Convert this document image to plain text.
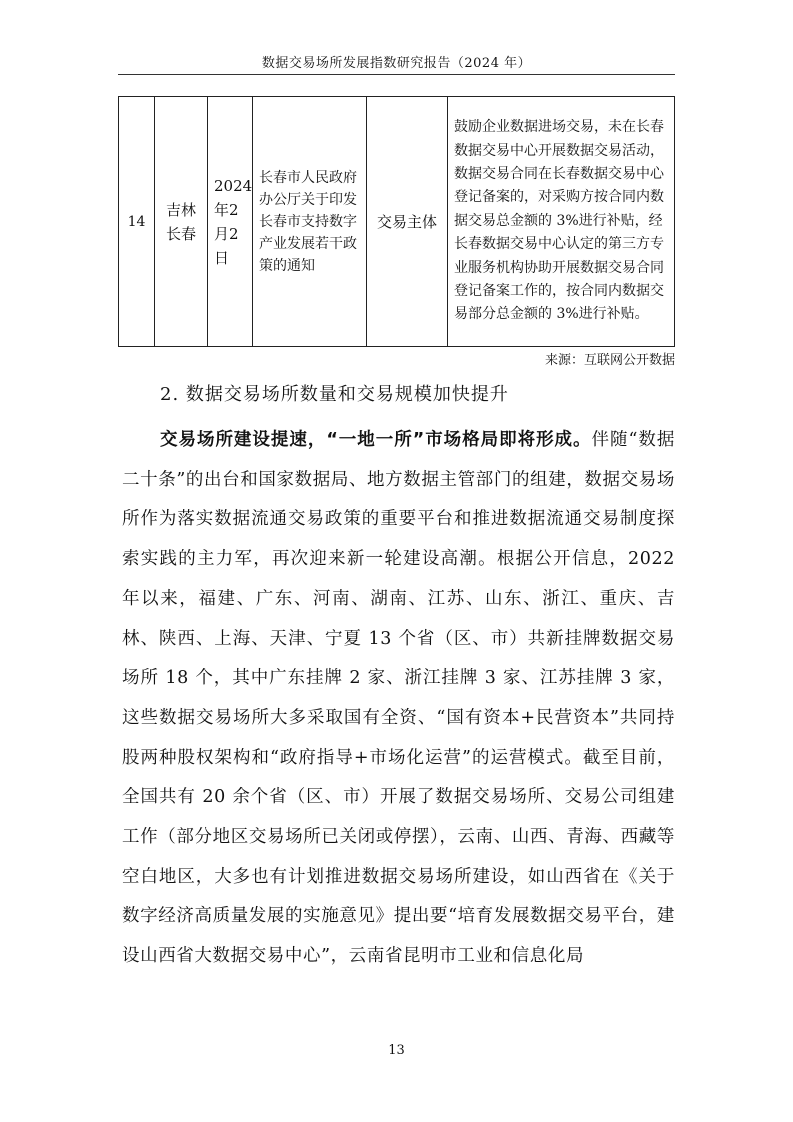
数据交易场所发展指数研究报告（2024 年）
14	吉林长春	2024年2月2日	长春市人民政府办公厅关于印发长春市支持数字产业发展若干政策的通知	交易主体	鼓励企业数据进场交易，未在长春数据交易中心开展数据交易活动，数据交易合同在长春数据交易中心登记备案的，对采购方按合同内数据交易总金额的 3%进行补贴，经长春数据交易中心认定的第三方专业服务机构协助开展数据交易合同登记备案工作的，按合同内数据交易部分总金额的 3%进行补贴。
来源：互联网公开数据
2. 数据交易场所数量和交易规模加快提升

交易场所建设提速，“一地一所”市场格局即将形成。伴随“数据二十条”的出台和国家数据局、地方数据主管部门的组建，数据交易场所作为落实数据流通交易政策的重要平台和推进数据流通交易制度探索实践的主力军，再次迎来新一轮建设高潮。根据公开信息，2022 年以来，福建、广东、河南、湖南、江苏、山东、浙江、重庆、吉林、陕西、上海、天津、宁夏 13 个省（区、市）共新挂牌数据交易场所 18 个，其中广东挂牌 2 家、浙江挂牌 3 家、江苏挂牌 3 家，这些数据交易场所大多采取国有全资、“国有资本+民营资本”共同持股两种股权架构和“政府指导+市场化运营”的运营模式。截至目前，全国共有 20 余个省（区、市）开展了数据交易场所、交易公司组建工作（部分地区交易场所已关闭或停摆），云南、山西、青海、西藏等空白地区，大多也有计划推进数据交易场所建设，如山西省在《关于数字经济高质量发展的实施意见》提出要“培育发展数据交易平台，建设山西省大数据交易中心”，云南省昆明市工业和信息化局

13
